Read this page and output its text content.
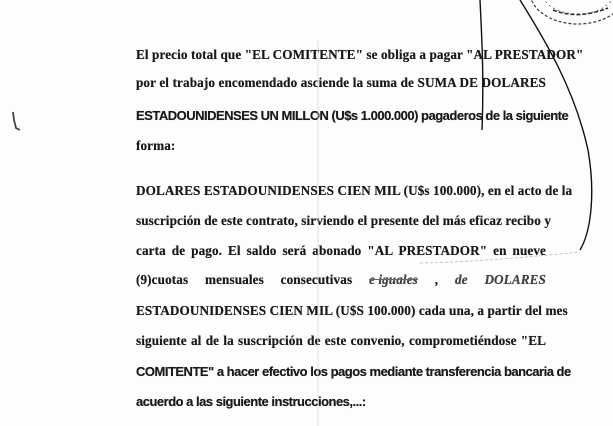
El precio total que "EL COMITENTE" se obliga a pagar "AL PRESTADOR"
por el trabajo encomendado asciende la suma de SUMA DE DOLARES
ESTADOUNIDENSES UN MILLON (U$s 1.000.000) pagaderos de la siguiente
forma:
DOLARES ESTADOUNIDENSES CIEN MIL (U$s 100.000), en el acto de la
suscripción de este contrato, sirviendo el presente del más eficaz recibo y
carta de pago. El saldo será abonado "AL PRESTADOR" en nueve
(9)cuotas mensuales consecutivas e iguales , de DOLARES
ESTADOUNIDENSES CIEN MIL (U$S 100.000) cada una, a partir del mes
siguiente al de la suscripción de este convenio, comprometiéndose "EL
COMITENTE" a hacer efectivo los pagos mediante transferencia bancaria de
acuerdo a las siguiente instrucciones,...:
